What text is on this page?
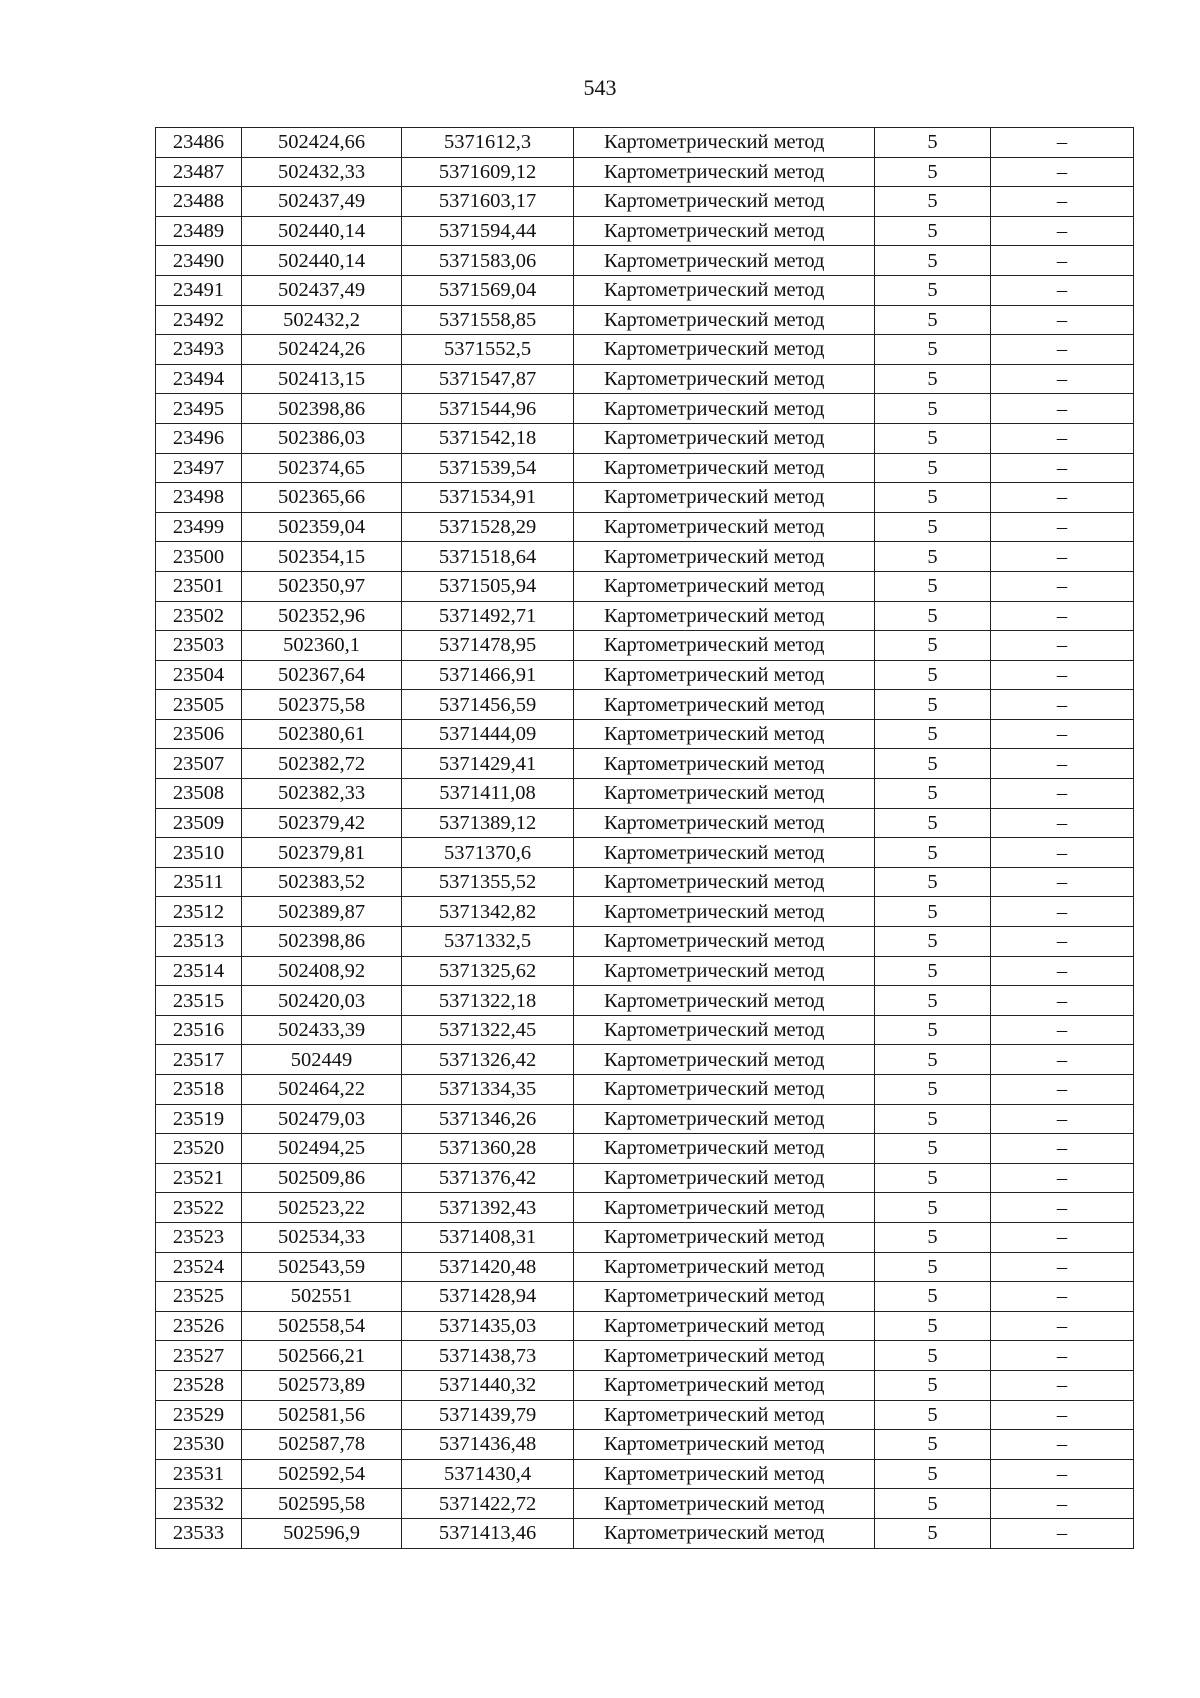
543
23486	502424,66	5371612,3	Картометрический метод	5	–
23487	502432,33	5371609,12	Картометрический метод	5	–
23488	502437,49	5371603,17	Картометрический метод	5	–
23489	502440,14	5371594,44	Картометрический метод	5	–
23490	502440,14	5371583,06	Картометрический метод	5	–
23491	502437,49	5371569,04	Картометрический метод	5	–
23492	502432,2	5371558,85	Картометрический метод	5	–
23493	502424,26	5371552,5	Картометрический метод	5	–
23494	502413,15	5371547,87	Картометрический метод	5	–
23495	502398,86	5371544,96	Картометрический метод	5	–
23496	502386,03	5371542,18	Картометрический метод	5	–
23497	502374,65	5371539,54	Картометрический метод	5	–
23498	502365,66	5371534,91	Картометрический метод	5	–
23499	502359,04	5371528,29	Картометрический метод	5	–
23500	502354,15	5371518,64	Картометрический метод	5	–
23501	502350,97	5371505,94	Картометрический метод	5	–
23502	502352,96	5371492,71	Картометрический метод	5	–
23503	502360,1	5371478,95	Картометрический метод	5	–
23504	502367,64	5371466,91	Картометрический метод	5	–
23505	502375,58	5371456,59	Картометрический метод	5	–
23506	502380,61	5371444,09	Картометрический метод	5	–
23507	502382,72	5371429,41	Картометрический метод	5	–
23508	502382,33	5371411,08	Картометрический метод	5	–
23509	502379,42	5371389,12	Картометрический метод	5	–
23510	502379,81	5371370,6	Картометрический метод	5	–
23511	502383,52	5371355,52	Картометрический метод	5	–
23512	502389,87	5371342,82	Картометрический метод	5	–
23513	502398,86	5371332,5	Картометрический метод	5	–
23514	502408,92	5371325,62	Картометрический метод	5	–
23515	502420,03	5371322,18	Картометрический метод	5	–
23516	502433,39	5371322,45	Картометрический метод	5	–
23517	502449	5371326,42	Картометрический метод	5	–
23518	502464,22	5371334,35	Картометрический метод	5	–
23519	502479,03	5371346,26	Картометрический метод	5	–
23520	502494,25	5371360,28	Картометрический метод	5	–
23521	502509,86	5371376,42	Картометрический метод	5	–
23522	502523,22	5371392,43	Картометрический метод	5	–
23523	502534,33	5371408,31	Картометрический метод	5	–
23524	502543,59	5371420,48	Картометрический метод	5	–
23525	502551	5371428,94	Картометрический метод	5	–
23526	502558,54	5371435,03	Картометрический метод	5	–
23527	502566,21	5371438,73	Картометрический метод	5	–
23528	502573,89	5371440,32	Картометрический метод	5	–
23529	502581,56	5371439,79	Картометрический метод	5	–
23530	502587,78	5371436,48	Картометрический метод	5	–
23531	502592,54	5371430,4	Картометрический метод	5	–
23532	502595,58	5371422,72	Картометрический метод	5	–
23533	502596,9	5371413,46	Картометрический метод	5	–
